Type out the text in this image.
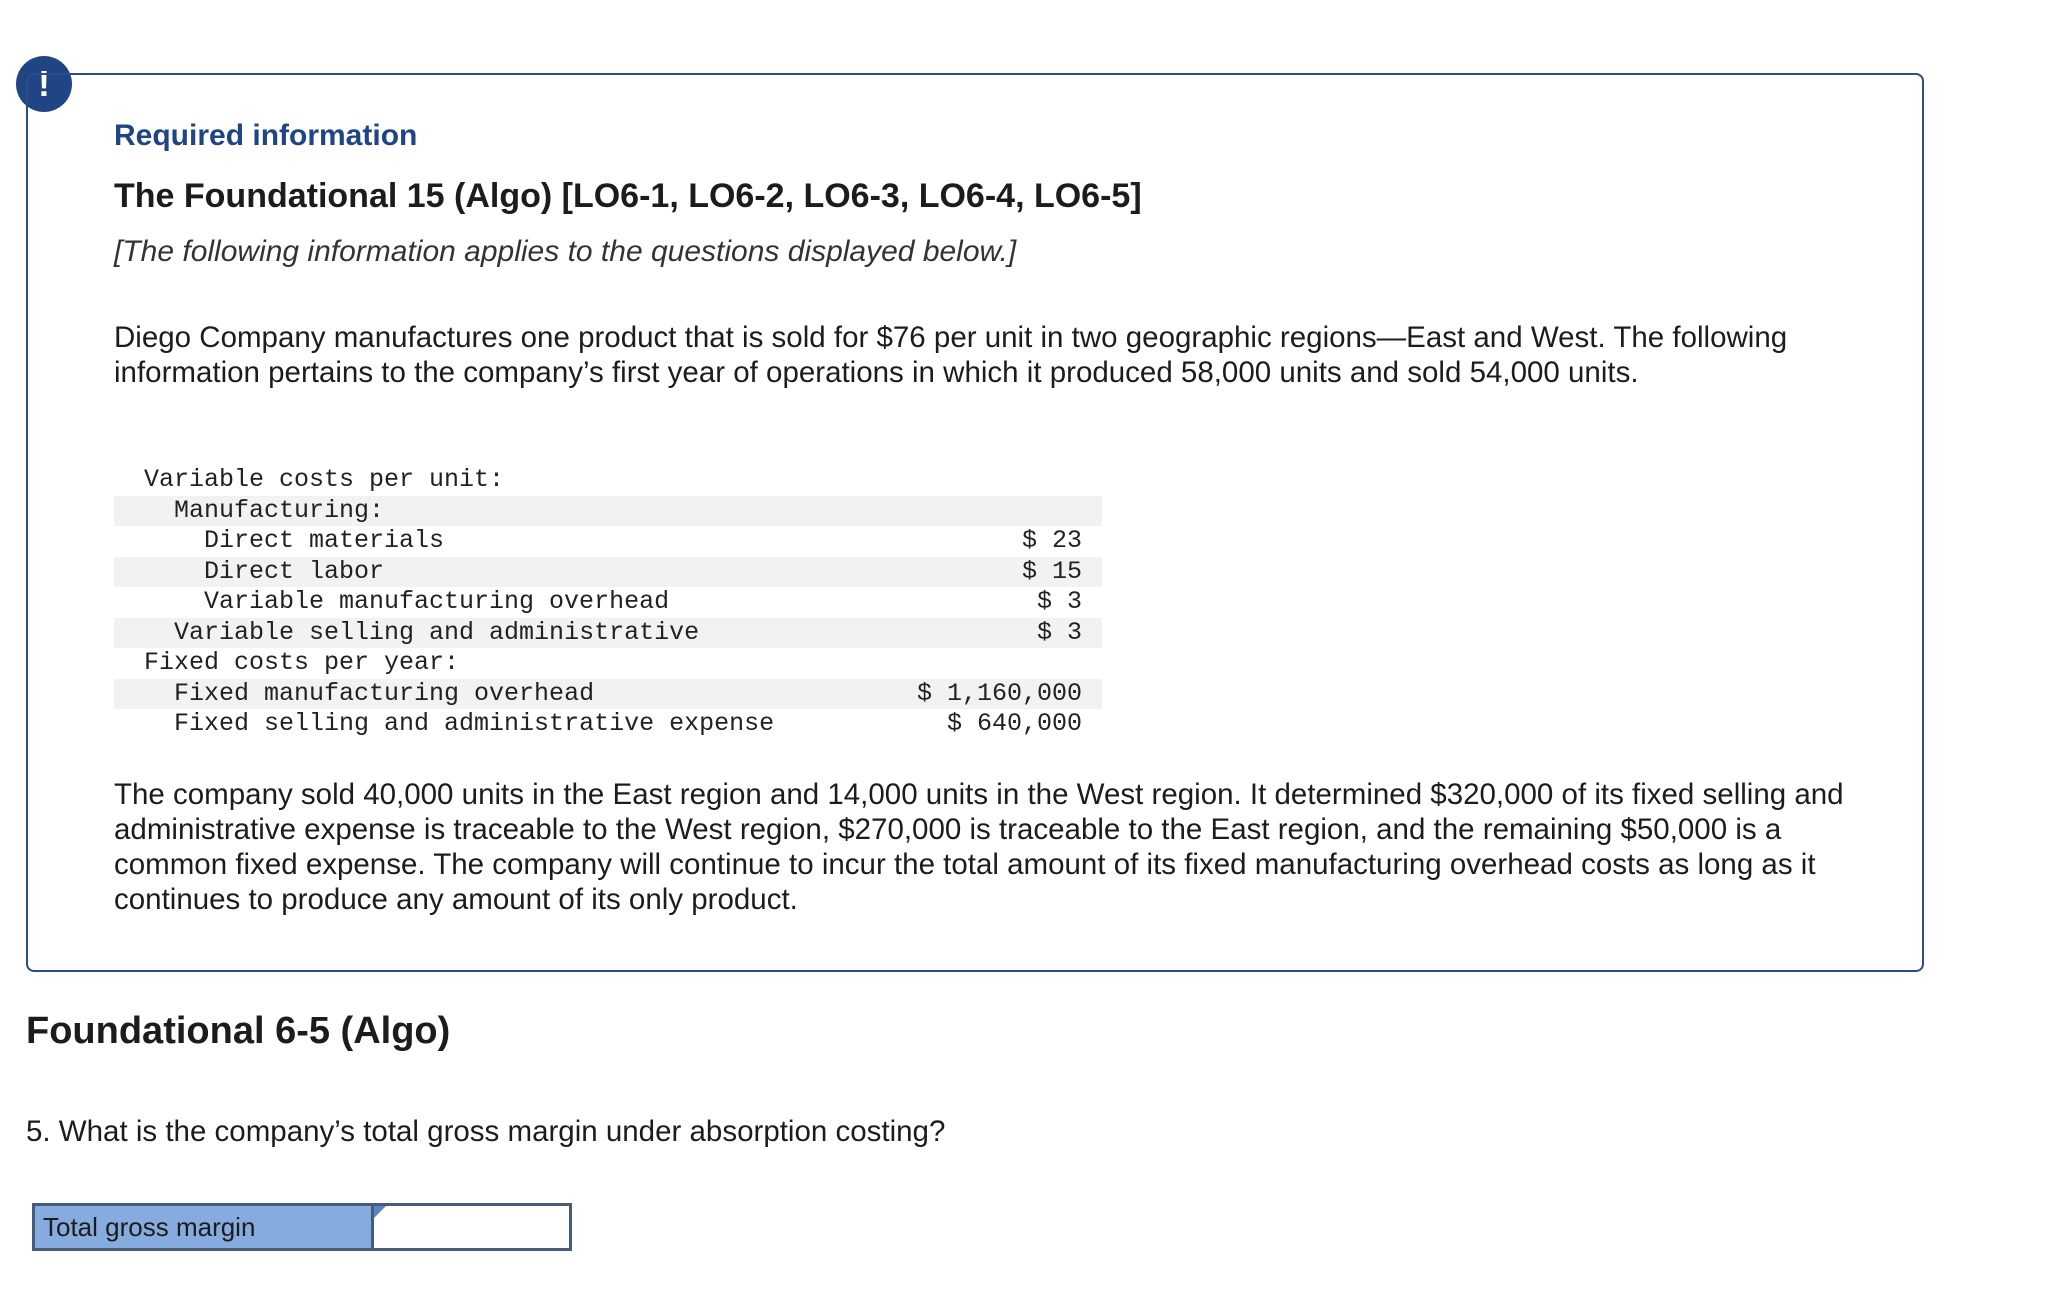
!
Required information
The Foundational 15 (Algo) [LO6-1, LO6-2, LO6-3, LO6-4, LO6-5]
[The following information applies to the questions displayed below.]
Diego Company manufactures one product that is sold for $76 per unit in two geographic regions—East and West. The following information pertains to the company’s first year of operations in which it produced 58,000 units and sold 54,000 units.

Variable costs per unit:

Manufacturing:

Direct materials

	$ 23

Direct labor

	$ 15

Variable manufacturing overhead

	$ 3

Variable selling and administrative

	$ 3

Fixed costs per year:

Fixed manufacturing overhead

	$ 1,160,000

Fixed selling and administrative expense

	$ 640,000

The company sold 40,000 units in the East region and 14,000 units in the West region. It determined $320,000 of its fixed selling and administrative expense is traceable to the West region, $270,000 is traceable to the East region, and the remaining $50,000 is a common fixed expense. The company will continue to incur the total amount of its fixed manufacturing overhead costs as long as it continues to produce any amount of its only product.
Foundational 6-5 (Algo)
5. What is the company’s total gross margin under absorption costing?
Total gross margin
